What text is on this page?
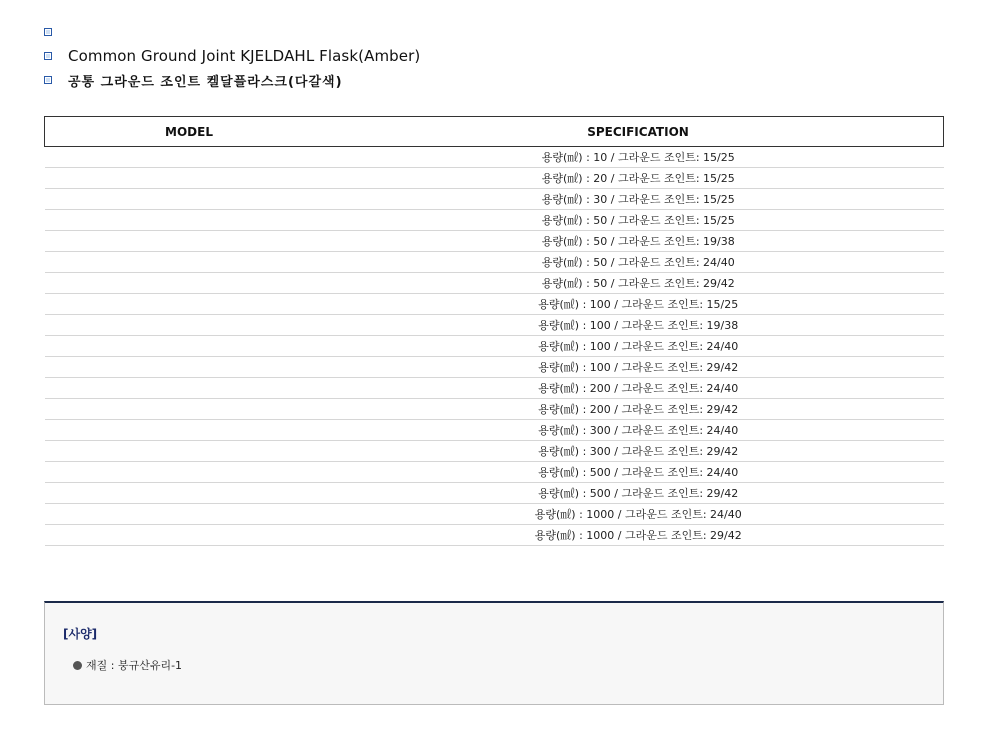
Common Ground Joint KJELDAHL Flask(Amber)
공통 그라운드 조인트 켈달플라스크(다갈색)
MODEL	SPECIFICATION
	용량(㎖) : 10 / 그라운드 조인트: 15/25
	용량(㎖) : 20 / 그라운드 조인트: 15/25
	용량(㎖) : 30 / 그라운드 조인트: 15/25
	용량(㎖) : 50 / 그라운드 조인트: 15/25
	용량(㎖) : 50 / 그라운드 조인트: 19/38
	용량(㎖) : 50 / 그라운드 조인트: 24/40
	용량(㎖) : 50 / 그라운드 조인트: 29/42
	용량(㎖) : 100 / 그라운드 조인트: 15/25
	용량(㎖) : 100 / 그라운드 조인트: 19/38
	용량(㎖) : 100 / 그라운드 조인트: 24/40
	용량(㎖) : 100 / 그라운드 조인트: 29/42
	용량(㎖) : 200 / 그라운드 조인트: 24/40
	용량(㎖) : 200 / 그라운드 조인트: 29/42
	용량(㎖) : 300 / 그라운드 조인트: 24/40
	용량(㎖) : 300 / 그라운드 조인트: 29/42
	용량(㎖) : 500 / 그라운드 조인트: 24/40
	용량(㎖) : 500 / 그라운드 조인트: 29/42
	용량(㎖) : 1000 / 그라운드 조인트: 24/40
	용량(㎖) : 1000 / 그라운드 조인트: 29/42
[사양]
재질 : 붕규산유리-1
